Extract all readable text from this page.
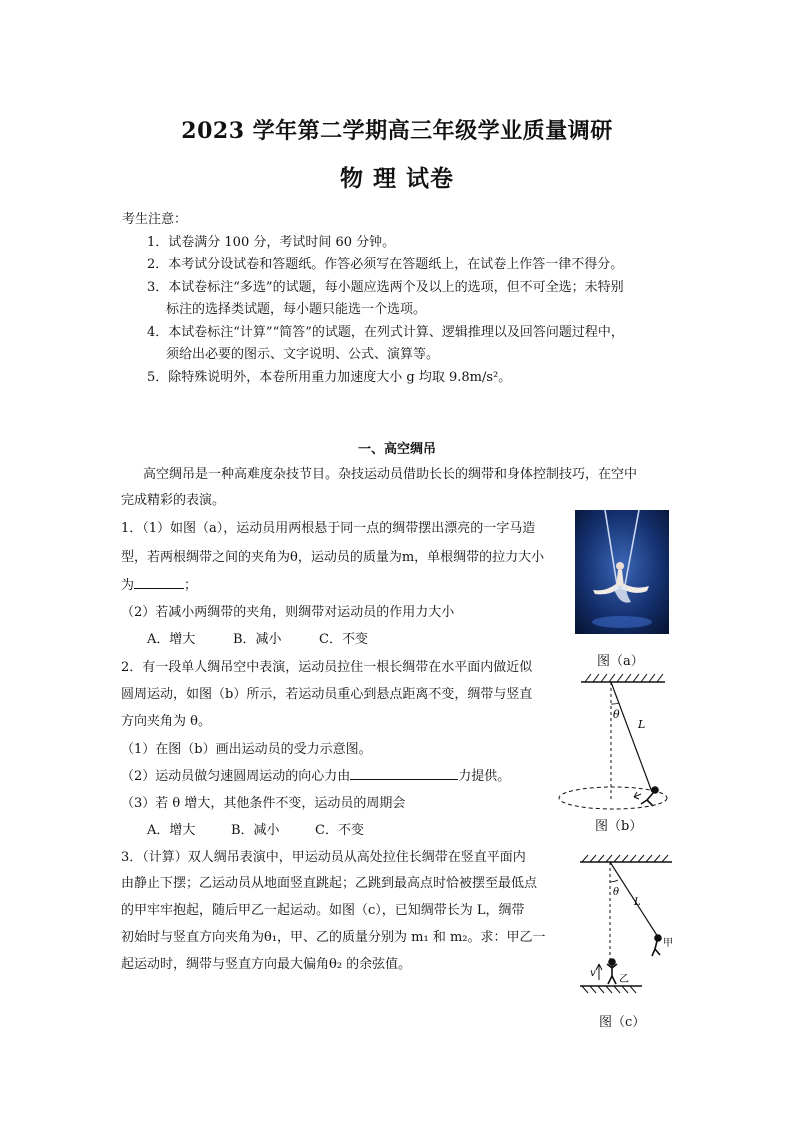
2023 学年第二学期高三年级学业质量调研
物 理 试卷
考生注意：
1．试卷满分 100 分，考试时间 60 分钟。
2．本考试分设试卷和答题纸。作答必须写在答题纸上，在试卷上作答一律不得分。
3．本试卷标注“多选”的试题，每小题应选两个及以上的选项，但不可全选；未特别
标注的选择类试题，每小题只能选一个选项。
4．本试卷标注“计算”“简答”的试题，在列式计算、逻辑推理以及回答问题过程中，
须给出必要的图示、文字说明、公式、演算等。
5．除特殊说明外，本卷所用重力加速度大小 g 均取 9.8m/s²。
一、高空绸吊
高空绸吊是一种高难度杂技节目。杂技运动员借助长长的绸带和身体控制技巧，在空中
完成精彩的表演。
1．（1）如图（a），运动员用两根悬于同一点的绸带摆出漂亮的一字马造
型，若两根绸带之间的夹角为θ，运动员的质量为m，单根绸带的拉力大小
为	；
（2）若减小两绸带的夹角，则绸带对运动员的作用力大小
A．增大	B．减小	C．不变
2．有一段单人绸吊空中表演，运动员拉住一根长绸带在水平面内做近似
圆周运动，如图（b）所示，若运动员重心到悬点距离不变，绸带与竖直
方向夹角为 θ。
（1）在图（b）画出运动员的受力示意图。
（2）运动员做匀速圆周运动的向心力由	力提供。
（3）若 θ 增大，其他条件不变，运动员的周期会
A．增大	B．减小	C．不变
3．（计算）双人绸吊表演中，甲运动员从高处拉住长绸带在竖直平面内
由静止下摆；乙运动员从地面竖直跳起；乙跳到最高点时恰被摆至最低点
的甲牢牢抱起，随后甲乙一起运动。如图（c），已知绸带长为 L，绸带
初始时与竖直方向夹角为θ₁，甲、乙的质量分别为 m₁ 和 m₂。求：甲乙一
起运动时，绸带与竖直方向最大偏角θ₂ 的余弦值。
图（a）
θ
L
图（b）
θ
L
甲
v
乙
图（c）
